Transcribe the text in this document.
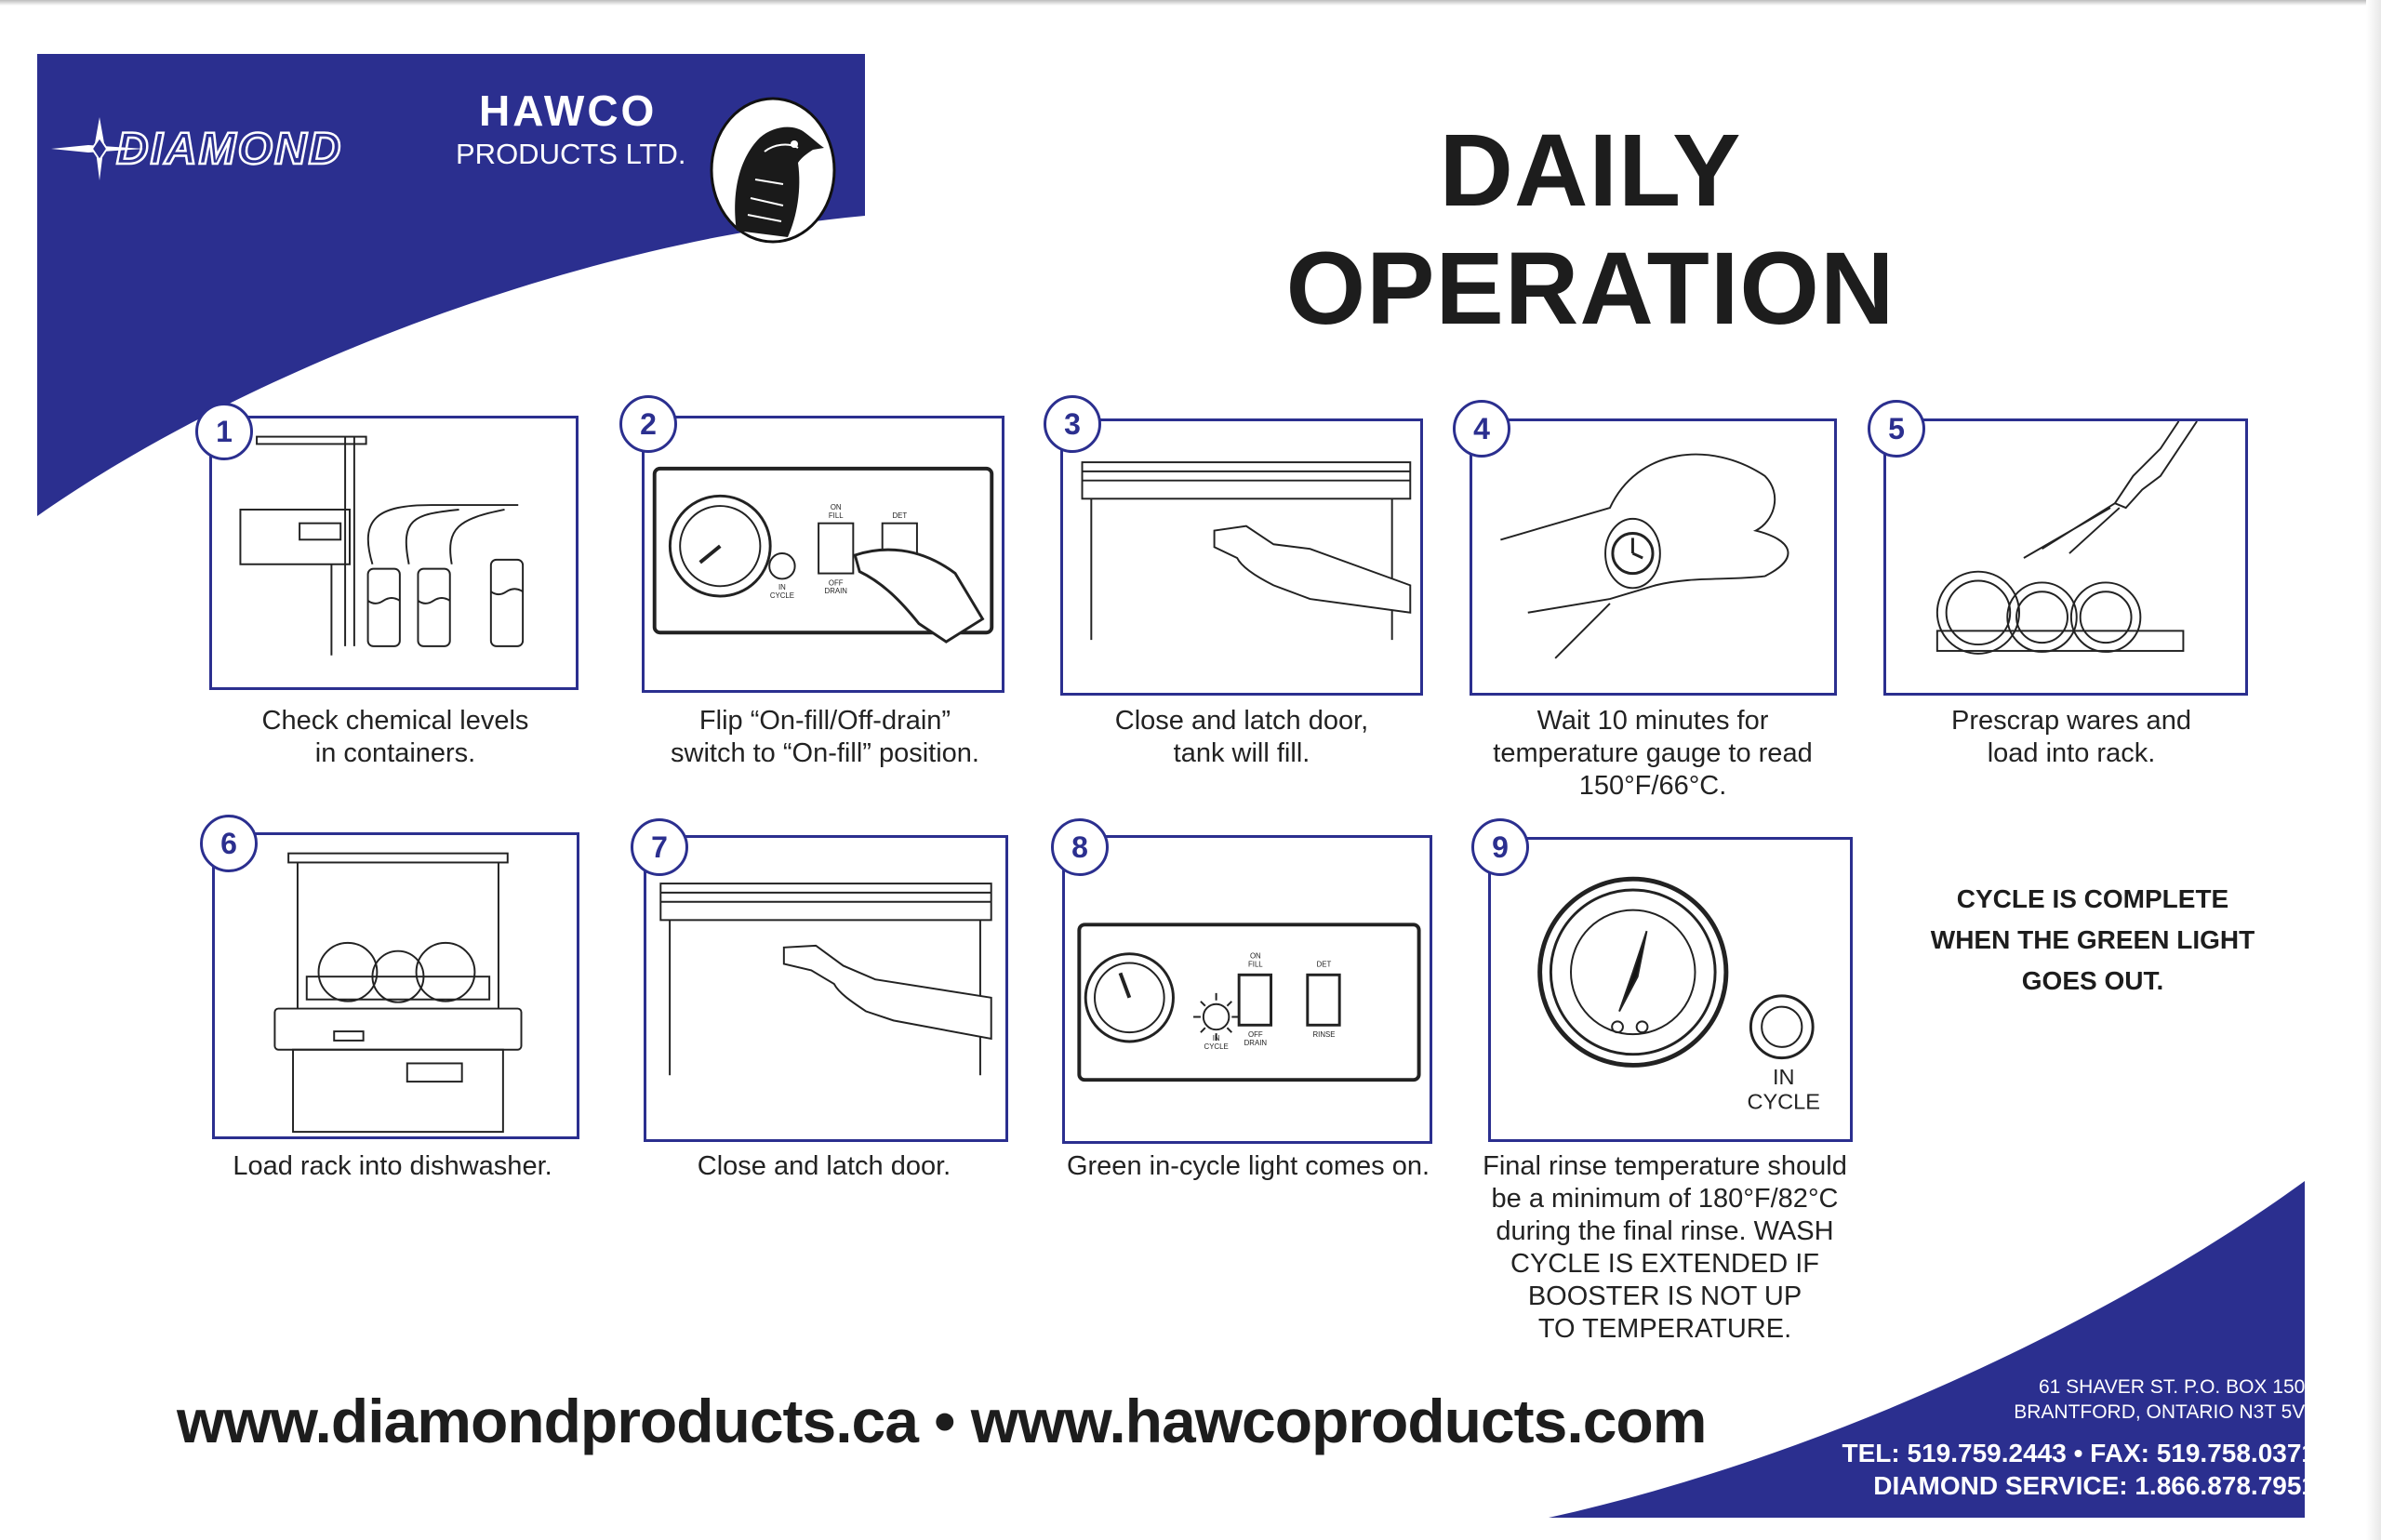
DIAMOND
HAWCO
PRODUCTS LTD.	DAILY OPERATION
1
Check chemical levels
in containers.
ON
FILL	DET
OFF
DRAIN
IN
CYCLE
2
Flip “On-fill/Off-drain”
switch to “On-fill” position.
3
Close and latch door,
tank will fill.
4
Wait 10 minutes for
temperature gauge to read
150°F/66°C.
5
Prescrap wares and
load into rack.
6
Load rack into dishwasher.
7
Close and latch door.
ON
FILL	DET
OFF
DRAIN
RINSE
IN
CYCLE
8
Green in-cycle light comes on.
IN
CYCLE
9
Final rinse temperature should
be a minimum of 180°F/82°C
during the final rinse. WASH
CYCLE IS EXTENDED IF
BOOSTER IS NOT UP
TO TEMPERATURE.
CYCLE IS COMPLETE
WHEN THE GREEN LIGHT
GOES OUT.
www.diamondproducts.ca • www.hawcoproducts.com	61 SHAVER ST. P.O. BOX 1507
BRANTFORD, ONTARIO N3T 5V6
TEL: 519.759.2443 • FAX: 519.758.0371
DIAMOND SERVICE: 1.866.878.7951
